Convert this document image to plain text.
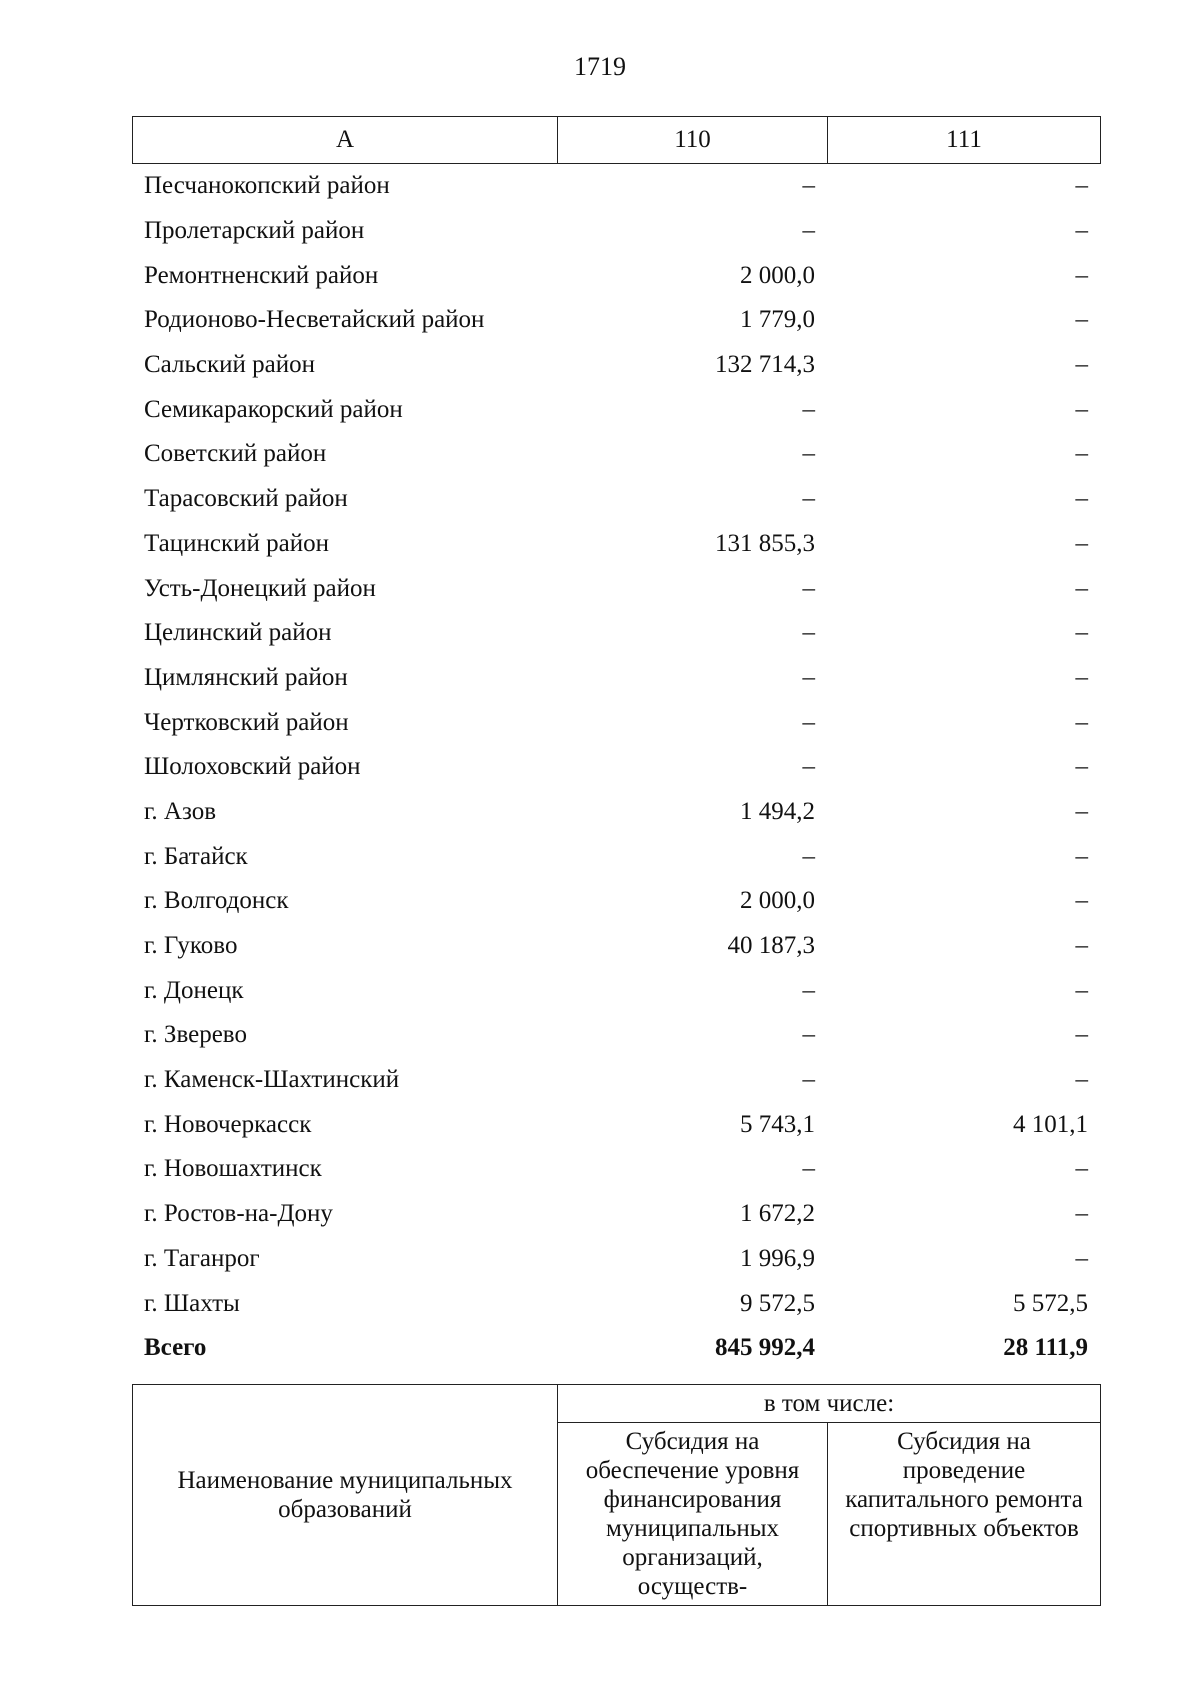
1719
А	110	111
Песчанокопский район	–	–
Пролетарский район	–	–
Ремонтненский район	2 000,0	–
Родионово-Несветайский район	1 779,0	–
Сальский район	132 714,3	–
Семикаракорский район	–	–
Советский район	–	–
Тарасовский район	–	–
Тацинский район	131 855,3	–
Усть-Донецкий район	–	–
Целинский район	–	–
Цимлянский район	–	–
Чертковский район	–	–
Шолоховский район	–	–
г. Азов	1 494,2	–
г. Батайск	–	–
г. Волгодонск	2 000,0	–
г. Гуково	40 187,3	–
г. Донецк	–	–
г. Зверево	–	–
г. Каменск-Шахтинский	–	–
г. Новочеркасск	5 743,1	4 101,1
г. Новошахтинск	–	–
г. Ростов-на-Дону	1 672,2	–
г. Таганрог	1 996,9	–
г. Шахты	9 572,5	5 572,5
Всего	845 992,4	28 111,9
Наименование муниципальных образований	в том числе:	
	Субсидия на обеспечение уровня финансирования муниципальных организаций, осуществ-	Субсидия на проведение капитального ремонта спортивных объектов
